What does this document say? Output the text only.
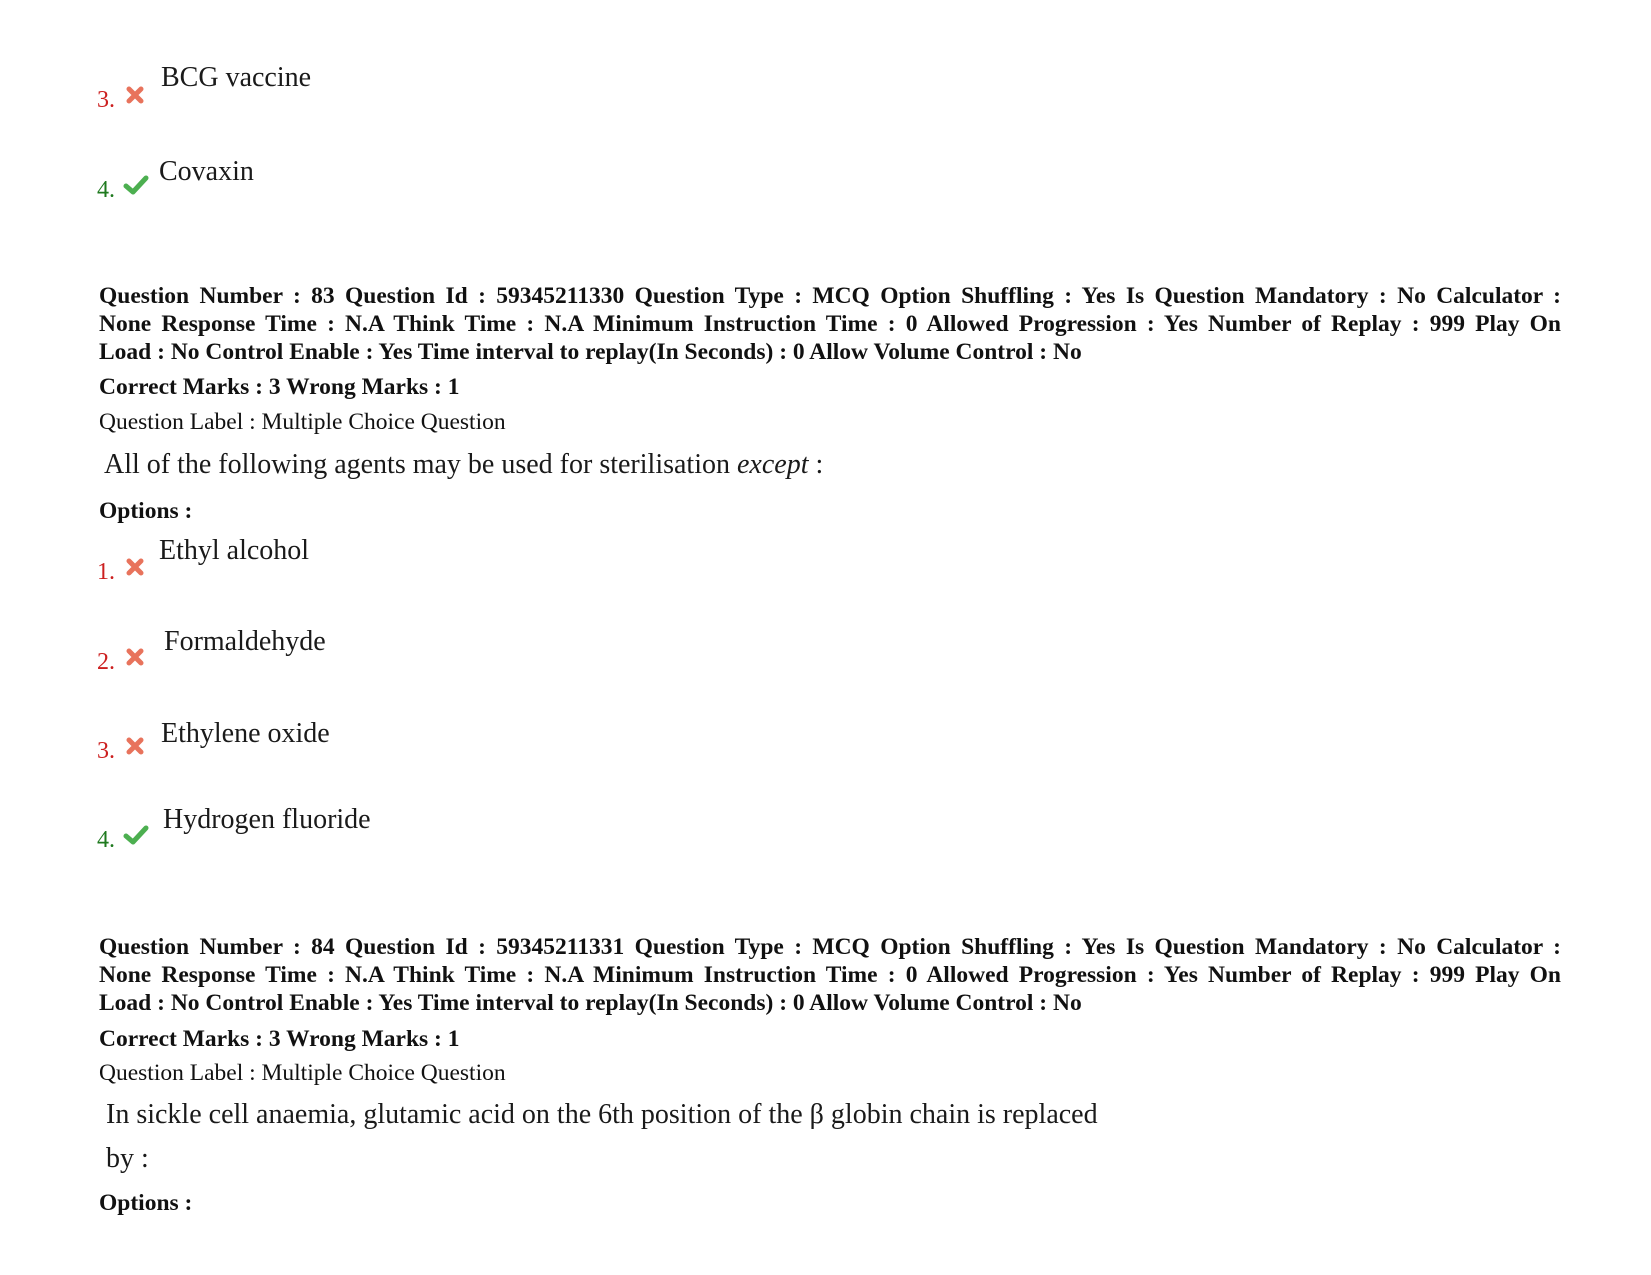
3.
BCG vaccine
4.
Covaxin
Question Number : 83 Question Id : 59345211330 Question Type : MCQ Option Shuffling : Yes Is Question Mandatory : No Calculator :
None Response Time : N.A Think Time : N.A Minimum Instruction Time : 0 Allowed Progression : Yes Number of Replay : 999 Play On
Load : No Control Enable : Yes Time interval to replay(In Seconds) : 0 Allow Volume Control : No
Correct Marks : 3 Wrong Marks : 1
Question Label : Multiple Choice Question
All of the following agents may be used for sterilisation except :
Options :
1.
Ethyl alcohol
2.
Formaldehyde
3.
Ethylene oxide
4.
Hydrogen fluoride
Question Number : 84 Question Id : 59345211331 Question Type : MCQ Option Shuffling : Yes Is Question Mandatory : No Calculator :
None Response Time : N.A Think Time : N.A Minimum Instruction Time : 0 Allowed Progression : Yes Number of Replay : 999 Play On
Load : No Control Enable : Yes Time interval to replay(In Seconds) : 0 Allow Volume Control : No
Correct Marks : 3 Wrong Marks : 1
Question Label : Multiple Choice Question
In sickle cell anaemia, glutamic acid on the 6th position of the β globin chain is replaced
by :
Options :
